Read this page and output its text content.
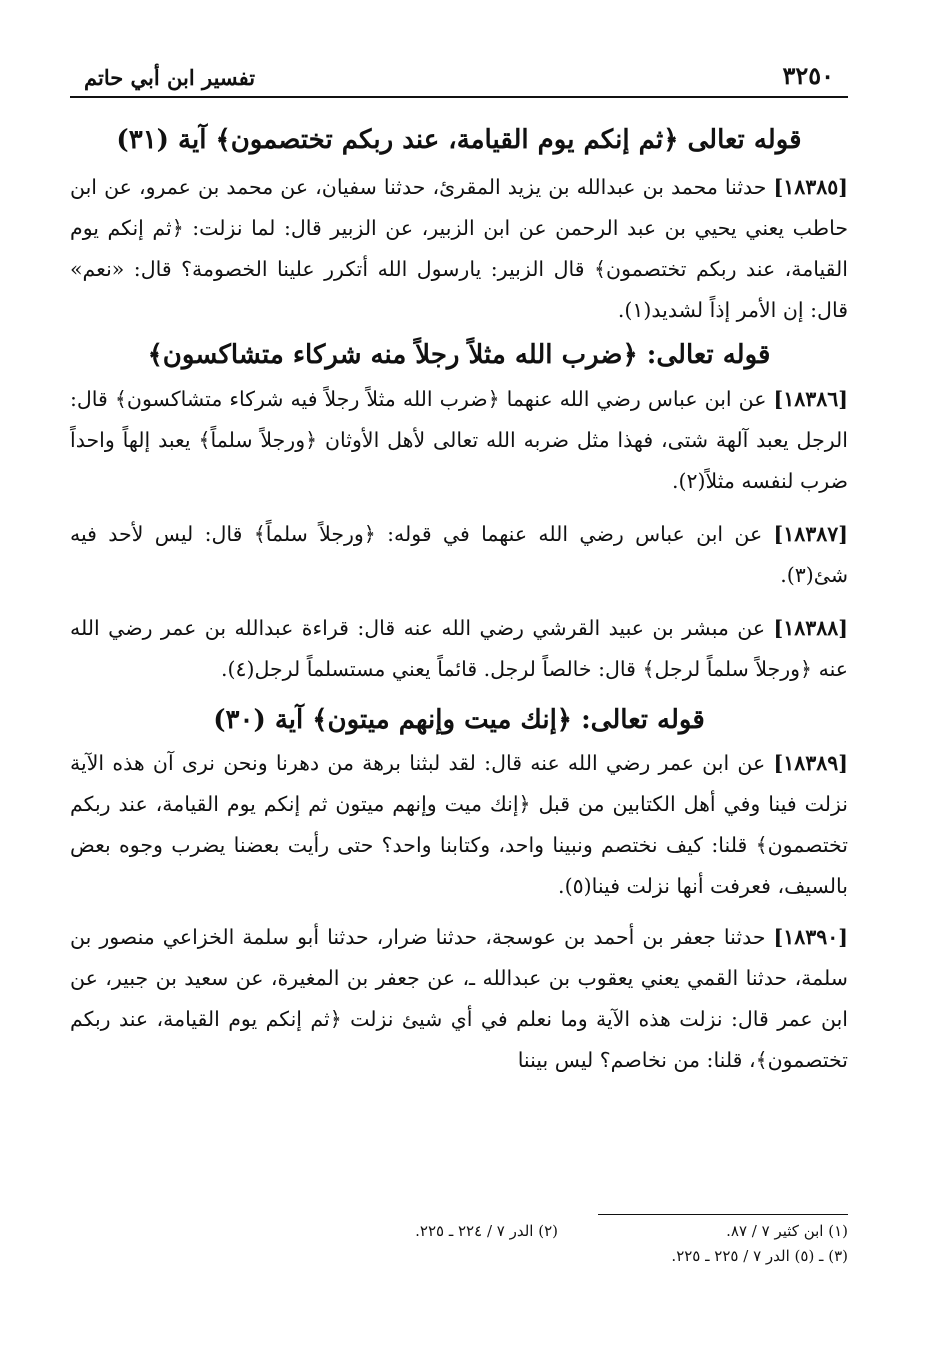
٣٢٥٠
تفسير ابن أبي حاتم
قوله تعالى ﴿ثم إنكم يوم القيامة، عند ربكم تختصمون﴾ آية (٣١)

[١٨٣٨٥] حدثنا محمد بن عبدالله بن يزيد المقرئ، حدثنا سفيان، عن محمد بن عمرو، عن ابن حاطب يعني يحيي بن عبد الرحمن عن ابن الزبير، عن الزبير قال: لما نزلت: ﴿ثم إنكم يوم القيامة، عند ربكم تختصمون﴾ قال الزبير: يارسول الله أتكرر علينا الخصومة؟ قال: «نعم» قال: إن الأمر إذاً لشديد(١).

قوله تعالى: ﴿ضرب الله مثلاً رجلاً منه شركاء متشاكسون﴾

[١٨٣٨٦] عن ابن عباس رضي الله عنهما ﴿ضرب الله مثلاً رجلاً فيه شركاء متشاكسون﴾ قال: الرجل يعبد آلهة شتى، فهذا مثل ضربه الله تعالى لأهل الأوثان ﴿ورجلاً سلماً﴾ يعبد إلهاً واحداً ضرب لنفسه مثلاً(٢).

[١٨٣٨٧] عن ابن عباس رضي الله عنهما في قوله: ﴿ورجلاً سلماً﴾ قال: ليس لأحد فيه شئ(٣).

[١٨٣٨٨] عن مبشر بن عبيد القرشي رضي الله عنه قال: قراءة عبدالله بن عمر رضي الله عنه ﴿ورجلاً سلماً لرجل﴾ قال: خالصاً لرجل. قائماً يعني مستسلماً لرجل(٤).

قوله تعالى: ﴿إنك ميت وإنهم ميتون﴾ آية (٣٠)

[١٨٣٨٩] عن ابن عمر رضي الله عنه قال: لقد لبثنا برهة من دهرنا ونحن نرى آن هذه الآية نزلت فينا وفي أهل الكتابين من قبل ﴿إنك ميت وإنهم ميتون ثم إنكم يوم القيامة، عند ربكم تختصمون﴾ قلنا: كيف نختصم ونبينا واحد، وكتابنا واحد؟ حتى رأيت بعضنا يضرب وجوه بعض بالسيف، فعرفت أنها نزلت فينا(٥).

[١٨٣٩٠] حدثنا جعفر بن أحمد بن عوسجة، حدثنا ضرار، حدثنا أبو سلمة الخزاعي منصور بن سلمة، حدثنا القمي يعني يعقوب بن عبدالله ـ، عن جعفر بن المغيرة، عن سعيد بن جبير، عن ابن عمر قال: نزلت هذه الآية وما نعلم في أي شيئ نزلت ﴿ثم إنكم يوم القيامة، عند ربكم تختصمون﴾، قلنا: من نخاصم؟ ليس بيننا

(١) ابن كثير ٧ / ٨٧.
(٢) الدر ٧ / ٢٢٤ ـ ٢٢٥.
(٣) ـ (٥) الدر ٧ / ٢٢٥ ـ ٢٢٥.
